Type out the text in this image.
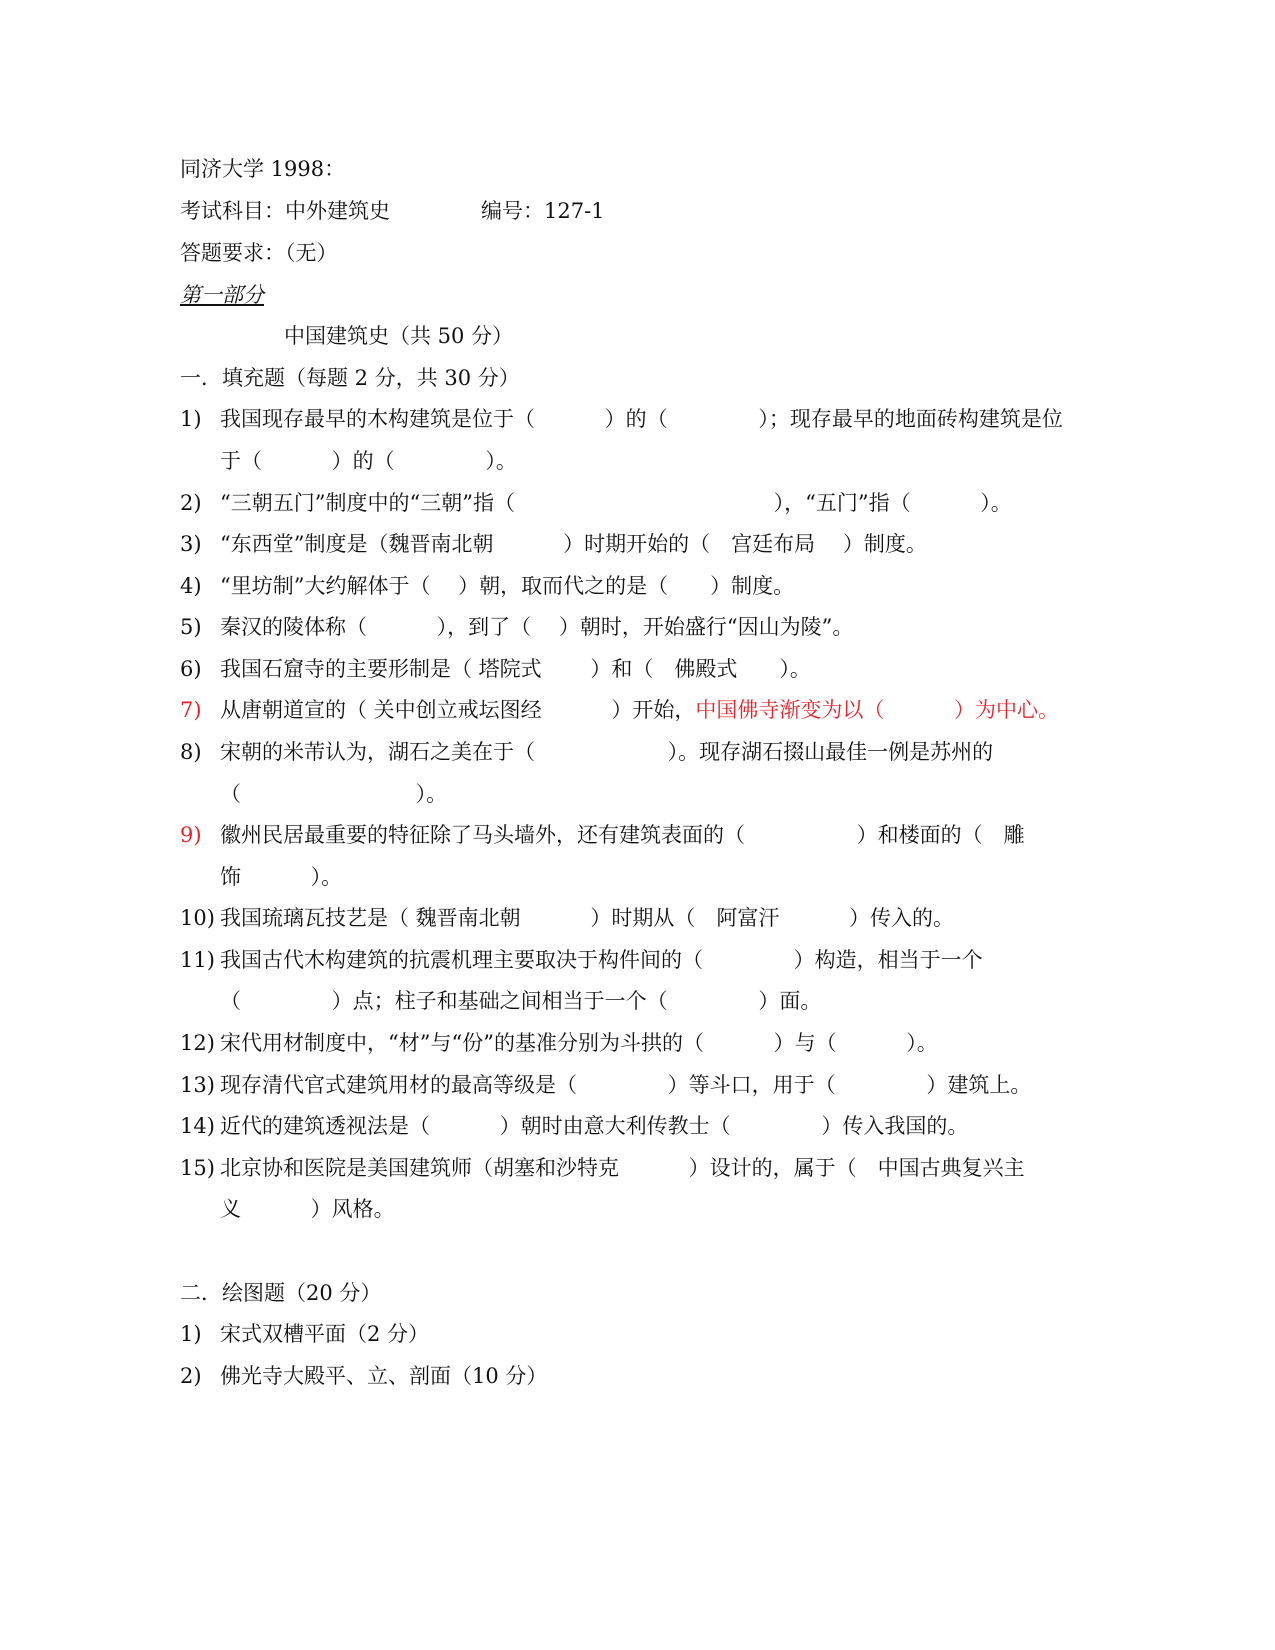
同济大学 1998：
考试科目：中外建筑史	编号：127-1
答题要求：（无）
第一部分
中国建筑史（共 50 分）
一．填充题（每题 2 分，共 30 分）
1) 我国现存最早的木构建筑是位于（　　　 ）的（　　　　 ）；现存最早的地面砖构建筑是位
于（　　　 ）的（　　　　 ）。
2) “三朝五门”制度中的“三朝”指（　　　　　　　　　　　　 ），“五门”指（　　　 ）。
3) “东西堂”制度是（魏晋南北朝　　　 ）时期开始的（　宫廷布局　 ）制度。
4) “里坊制”大约解体于（　 ）朝，取而代之的是（　　）制度。
5) 秦汉的陵体称（　　　 ），到了（　 ）朝时，开始盛行“因山为陵”。
6) 我国石窟寺的主要形制是（ 塔院式　　 ）和（　佛殿式　　）。
7) 从唐朝道宣的（ 关中创立戒坛图经　　　 ）开始，中国佛寺渐变为以（　　　 ）为中心。
8) 宋朝的米芾认为，湖石之美在于（　　　　　　 ）。现存湖石掇山最佳一例是苏州的
（　　　　　　　　 ）。
9) 徽州民居最重要的特征除了马头墙外，还有建筑表面的（　　　　　 ）和楼面的（　雕
饰　　　 ）。
10) 我国琉璃瓦技艺是（ 魏晋南北朝　　　 ）时期从（　阿富汗　　　 ）传入的。
11) 我国古代木构建筑的抗震机理主要取决于构件间的（　　　　 ）构造，相当于一个
（　　　　 ）点；柱子和基础之间相当于一个（　　　　 ）面。
12) 宋代用材制度中，“材”与“份”的基准分别为斗拱的（　　　 ）与（　　　 ）。
13) 现存清代官式建筑用材的最高等级是（　　　　 ）等斗口，用于（　　　　 ）建筑上。
14) 近代的建筑透视法是（　　　 ）朝时由意大利传教士（　　　　 ）传入我国的。
15) 北京协和医院是美国建筑师（胡塞和沙特克　　　 ）设计的，属于（　中国古典复兴主
义　　　 ）风格。
二．绘图题（20 分）
1) 宋式双槽平面（2 分）
2) 佛光寺大殿平、立、剖面（10 分）
